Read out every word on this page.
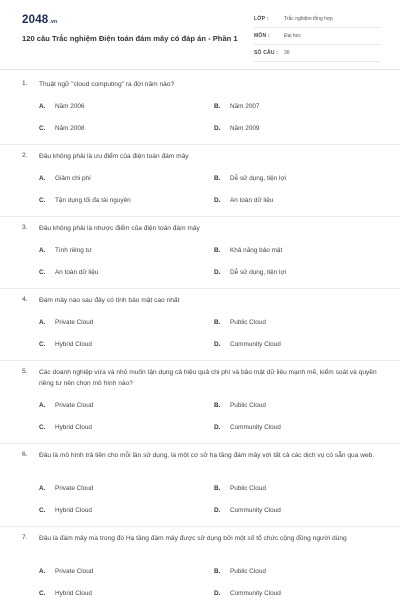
2048.vn
120 câu Trắc nghiệm Điện toán đám mây có đáp án - Phần 1
LỚP :	Trắc nghiệm tổng hợp
MÔN :	Đại học
SỐ CÂU : 30
1. Thuật ngữ "cloud computing" ra đời năm nào?
A. Năm 2006	B. Năm 2007
C. Năm 2008	D. Năm 2009
2. Đâu không phải là ưu điểm của điện toán đám mây
A. Giảm chi phí	B. Dễ sử dụng, tiện lợi
C. Tận dụng tối đa tài nguyên	D. An toàn dữ liệu
3. Đâu không phải là nhược điểm của điện toán đám mây
A. Tính riêng tư	B. Khả năng bảo mật
C. An toàn dữ liệu	D. Dễ sử dụng, tiện lợi
4. Đám mây nào sau đây có tính bảo mật cao nhất
A. Private Cloud	B. Public Cloud
C. Hybrid Cloud	D. Community Cloud
5. Các doanh nghiệp vừa và nhỏ muốn tận dụng cả hiệu quả chi phí và bảo mật dữ liệu mạnh mẽ, kiểm soát và quyền riêng tư nên chọn mô hình nào?
A. Private Cloud	B. Public Cloud
C. Hybrid Cloud	D. Community Cloud
6. Đâu là mô hình trả tiền cho mỗi lần sử dụng, là một cơ sở hạ tầng đám mây với tất cả các dịch vụ có sẵn qua web.
A. Private Cloud	B. Public Cloud
C. Hybrid Cloud	D. Community Cloud
7. Đâu là đám mây mà trong đó Hạ tầng đám mây được sử dụng bởi một số tổ chức cộng đồng người dùng
A. Private Cloud	B. Public Cloud
C. Hybrid Cloud	D. Community Cloud
